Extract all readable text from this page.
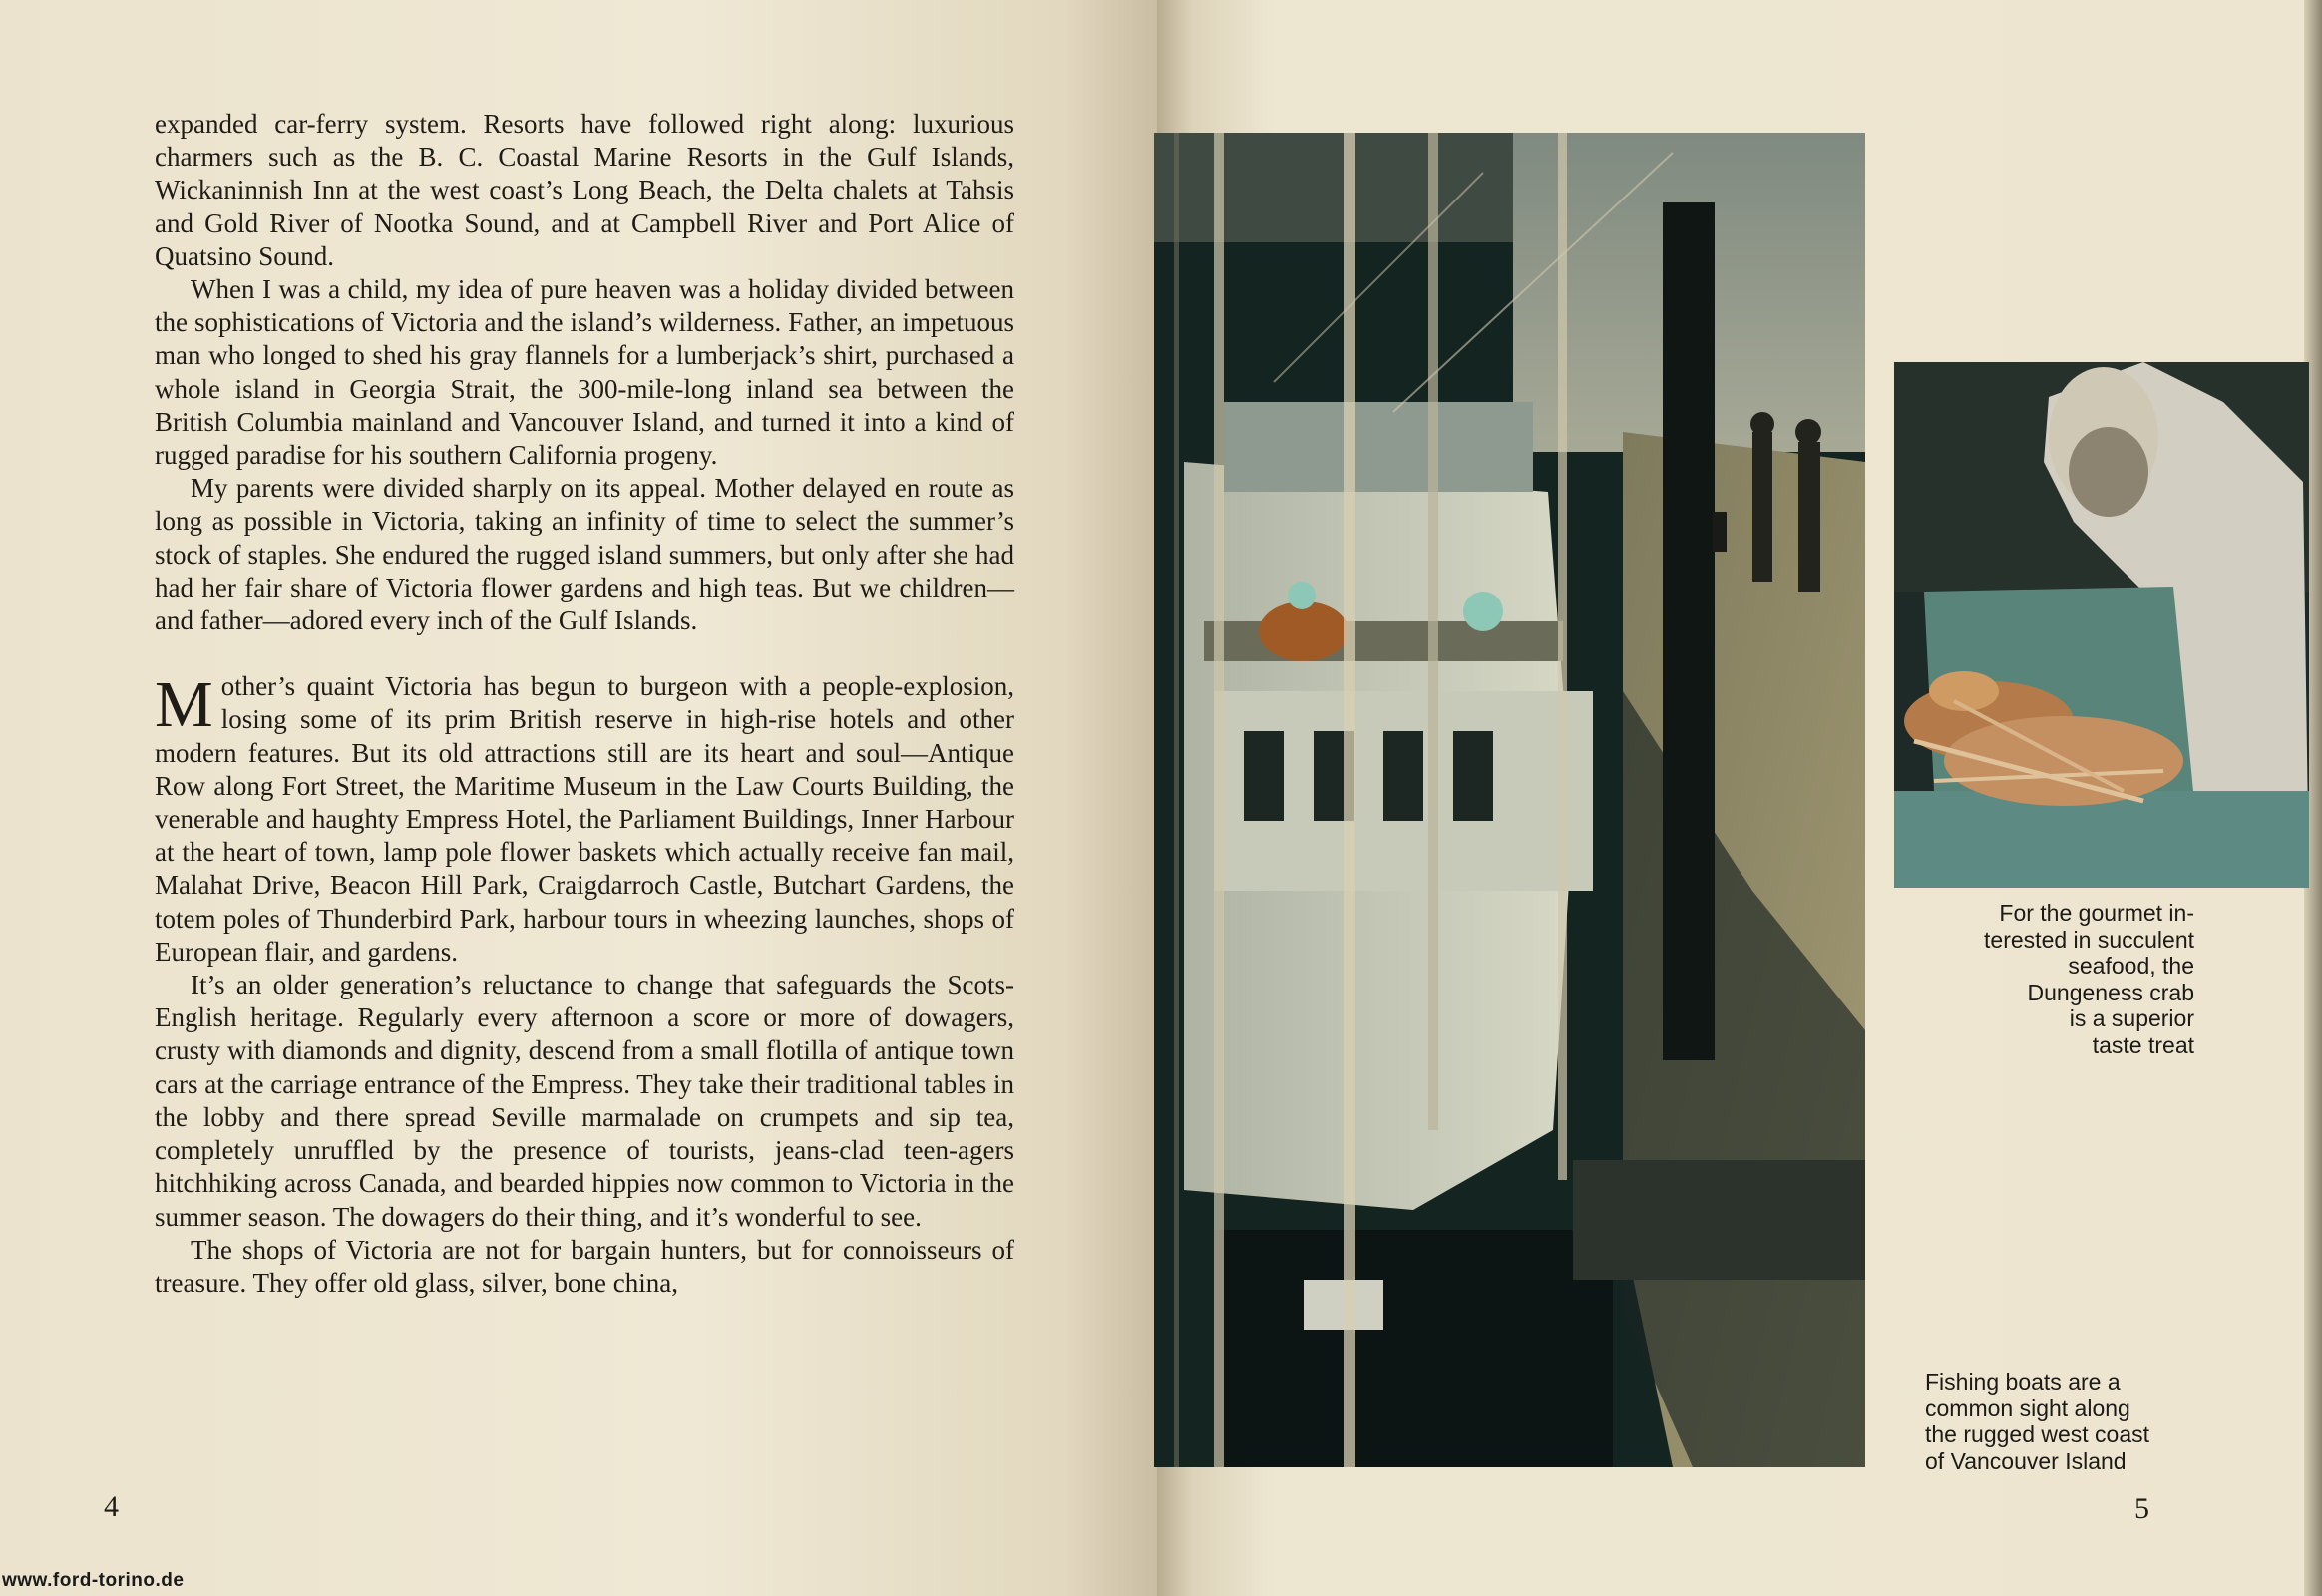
expanded car-ferry system. Resorts have followed right along: luxurious charmers such as the B. C. Coastal Marine Resorts in the Gulf Islands, Wickaninnish Inn at the west coast’s Long Beach, the Delta chalets at Tahsis and Gold River of Nootka Sound, and at Campbell River and Port Alice of Quatsino Sound.

When I was a child, my idea of pure heaven was a holiday divided between the sophistications of Victoria and the island’s wilderness. Father, an impetuous man who longed to shed his gray flannels for a lumberjack’s shirt, purchased a whole island in Georgia Strait, the 300-mile-long inland sea between the British Columbia mainland and Vancouver Island, and turned it into a kind of rugged paradise for his southern California progeny.

My parents were divided sharply on its appeal. Mother delayed en route as long as possible in Victoria, taking an infinity of time to select the summer’s stock of staples. She endured the rugged island summers, but only after she had had her fair share of Victoria flower gardens and high teas. But we children—and father—adored every inch of the Gulf Islands.

Mother’s quaint Victoria has begun to burgeon with a people-explosion, losing some of its prim British reserve in high-rise hotels and other modern features. But its old attractions still are its heart and soul—Antique Row along Fort Street, the Maritime Museum in the Law Courts Building, the venerable and haughty Empress Hotel, the Parliament Buildings, Inner Harbour at the heart of town, lamp pole flower baskets which actually receive fan mail, Malahat Drive, Beacon Hill Park, Craigdarroch Castle, Butchart Gardens, the totem poles of Thunderbird Park, harbour tours in wheezing launches, shops of European flair, and gardens.

It’s an older generation’s reluctance to change that safeguards the Scots-English heritage. Regularly every afternoon a score or more of dowagers, crusty with diamonds and dignity, descend from a small flotilla of antique town cars at the carriage entrance of the Empress. They take their traditional tables in the lobby and there spread Seville marmalade on crumpets and sip tea, completely unruffled by the presence of tourists, jeans-clad teen-agers hitchhiking across Canada, and bearded hippies now common to Victoria in the summer season. The dowagers do their thing, and it’s wonderful to see.

The shops of Victoria are not for bargain hunters, but for connoisseurs of treasure. They offer old glass, silver, bone china,

4
www.ford-torino.de
For the gourmet in-
terested in succulent
seafood, the
Dungeness crab
is a superior
taste treat
Fishing boats are a
common sight along
the rugged west coast
of Vancouver Island
5
